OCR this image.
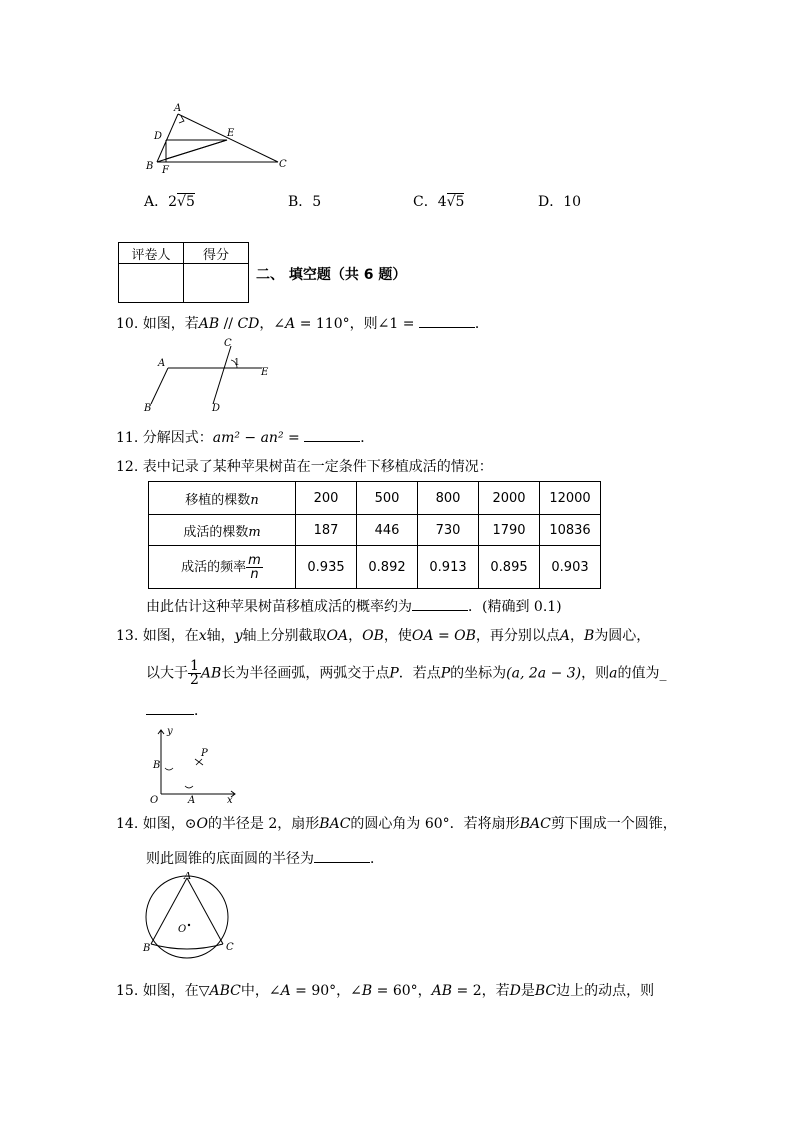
A
D	E
B F
C
A．2√5	B．5	C．4√5	D．10
评卷人	得分

二、 填空题（共 6 题）
10. 如图，若AB // CD，∠A = 110°，则∠1 =	．
A
C
1
E
B	D
11. 分解因式：am² − an² =	．
12. 表中记录了某种苹果树苗在一定条件下移植成活的情况：
移植的棵数n	200	500	800	2000	12000
成活的棵数m	187	446	730	1790	10836
成活的频率 $\frac{m}{n}$	0.935	0.892	0.913	0.895	0.903
由此估计这种苹果树苗移植成活的概率约为	．(精确到 0.1)
13. 如图，在x轴，y轴上分别截取OA，OB，使OA = OB，再分别以点A，B为圆心，
以大于 $\frac{1}{2}$ AB长为半径画弧，两弧交于点P．若点P的坐标为(a, 2a − 3)，则a的值为_
．
y
P
B
O	A	x
14. 如图，⊙O的半径是 2，扇形BAC的圆心角为 60°．若将扇形BAC剪下围成一个圆锥，
则此圆锥的底面圆的半径为	．
A
O
B	C
15. 如图，在▽ABC中，∠A = 90°，∠B = 60°，AB = 2，若D是BC边上的动点，则
